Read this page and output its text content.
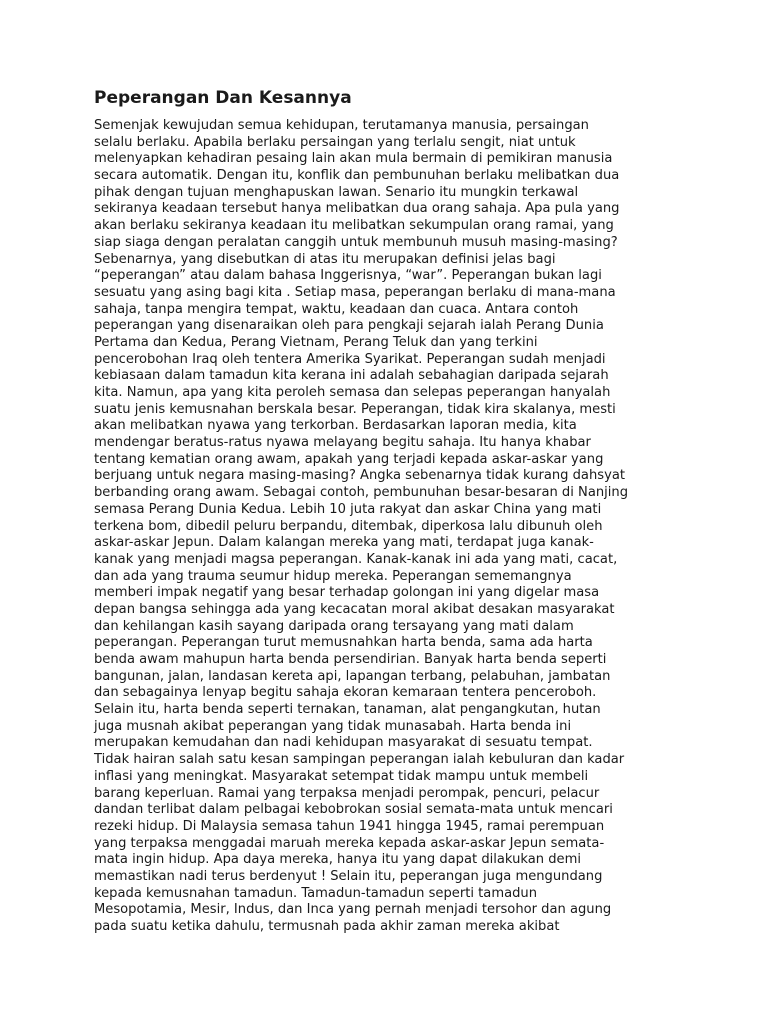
Peperangan Dan Kesannya
Semenjak kewujudan semua kehidupan, terutamanya manusia, persaingan
selalu berlaku. Apabila berlaku persaingan yang terlalu sengit, niat untuk
melenyapkan kehadiran pesaing lain akan mula bermain di pemikiran manusia
secara automatik. Dengan itu, konflik dan pembunuhan berlaku melibatkan dua
pihak dengan tujuan menghapuskan lawan. Senario itu mungkin terkawal
sekiranya keadaan tersebut hanya melibatkan dua orang sahaja. Apa pula yang
akan berlaku sekiranya keadaan itu melibatkan sekumpulan orang ramai, yang
siap siaga dengan peralatan canggih untuk membunuh musuh masing-masing?
Sebenarnya, yang disebutkan di atas itu merupakan definisi jelas bagi
“peperangan” atau dalam bahasa Inggerisnya, “war”. Peperangan bukan lagi
sesuatu yang asing bagi kita . Setiap masa, peperangan berlaku di mana-mana
sahaja, tanpa mengira tempat, waktu, keadaan dan cuaca. Antara contoh
peperangan yang disenaraikan oleh para pengkaji sejarah ialah Perang Dunia
Pertama dan Kedua, Perang Vietnam, Perang Teluk dan yang terkini
pencerobohan Iraq oleh tentera Amerika Syarikat. Peperangan sudah menjadi
kebiasaan dalam tamadun kita kerana ini adalah sebahagian daripada sejarah
kita. Namun, apa yang kita peroleh semasa dan selepas peperangan hanyalah
suatu jenis kemusnahan berskala besar. Peperangan, tidak kira skalanya, mesti
akan melibatkan nyawa yang terkorban. Berdasarkan laporan media, kita
mendengar beratus-ratus nyawa melayang begitu sahaja. Itu hanya khabar
tentang kematian orang awam, apakah yang terjadi kepada askar-askar yang
berjuang untuk negara masing-masing? Angka sebenarnya tidak kurang dahsyat
berbanding orang awam. Sebagai contoh, pembunuhan besar-besaran di Nanjing
semasa Perang Dunia Kedua. Lebih 10 juta rakyat dan askar China yang mati
terkena bom, dibedil peluru berpandu, ditembak, diperkosa lalu dibunuh oleh
askar-askar Jepun. Dalam kalangan mereka yang mati, terdapat juga kanak-
kanak yang menjadi magsa peperangan. Kanak-kanak ini ada yang mati, cacat,
dan ada yang trauma seumur hidup mereka. Peperangan sememangnya
memberi impak negatif yang besar terhadap golongan ini yang digelar masa
depan bangsa sehingga ada yang kecacatan moral akibat desakan masyarakat
dan kehilangan kasih sayang daripada orang tersayang yang mati dalam
peperangan. Peperangan turut memusnahkan harta benda, sama ada harta
benda awam mahupun harta benda persendirian. Banyak harta benda seperti
bangunan, jalan, landasan kereta api, lapangan terbang, pelabuhan, jambatan
dan sebagainya lenyap begitu sahaja ekoran kemaraan tentera penceroboh.
Selain itu, harta benda seperti ternakan, tanaman, alat pengangkutan, hutan
juga musnah akibat peperangan yang tidak munasabah. Harta benda ini
merupakan kemudahan dan nadi kehidupan masyarakat di sesuatu tempat.
Tidak hairan salah satu kesan sampingan peperangan ialah kebuluran dan kadar
inflasi yang meningkat. Masyarakat setempat tidak mampu untuk membeli
barang keperluan. Ramai yang terpaksa menjadi perompak, pencuri, pelacur
dandan terlibat dalam pelbagai kebobrokan sosial semata-mata untuk mencari
rezeki hidup. Di Malaysia semasa tahun 1941 hingga 1945, ramai perempuan
yang terpaksa menggadai maruah mereka kepada askar-askar Jepun semata-
mata ingin hidup. Apa daya mereka, hanya itu yang dapat dilakukan demi
memastikan nadi terus berdenyut ! Selain itu, peperangan juga mengundang
kepada kemusnahan tamadun. Tamadun-tamadun seperti tamadun
Mesopotamia, Mesir, Indus, dan Inca yang pernah menjadi tersohor dan agung
pada suatu ketika dahulu, termusnah pada akhir zaman mereka akibat
